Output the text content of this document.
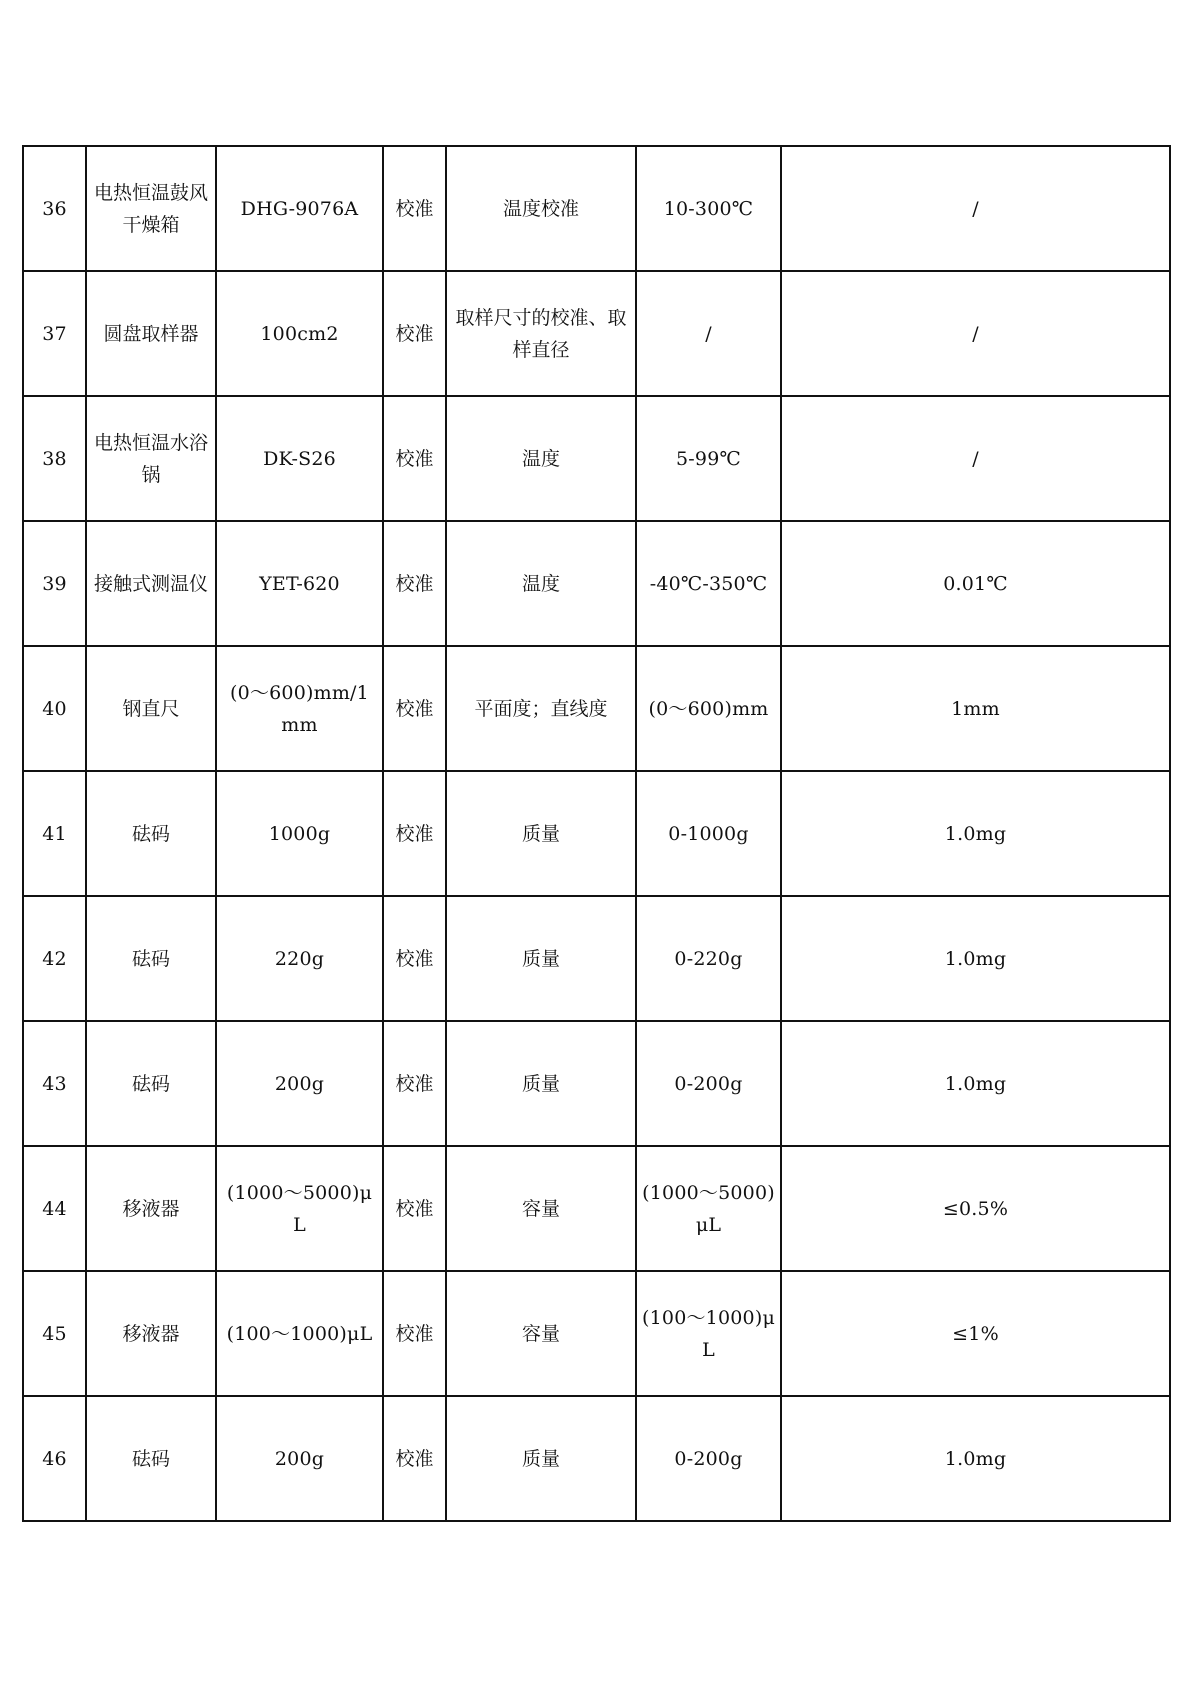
36	电热恒温鼓风干燥箱	DHG-9076A	校准	温度校准	10-300℃	/
37	圆盘取样器	100cm2	校准	取样尺寸的校准、取样直径	/	/
38	电热恒温水浴锅	DK-S26	校准	温度	5-99℃	/
39	接触式测温仪	YET-620	校准	温度	-40℃-350℃	0.01℃
40	钢直尺	(0～600)mm/1mm	校准	平面度；直线度	(0～600)mm	1mm
41	砝码	1000g	校准	质量	0-1000g	1.0mg
42	砝码	220g	校准	质量	0-220g	1.0mg
43	砝码	200g	校准	质量	0-200g	1.0mg
44	移液器	(1000～5000)μL	校准	容量	(1000～5000)μL	≤0.5%
45	移液器	(100～1000)μL	校准	容量	(100～1000)μL	≤1%
46	砝码	200g	校准	质量	0-200g	1.0mg
